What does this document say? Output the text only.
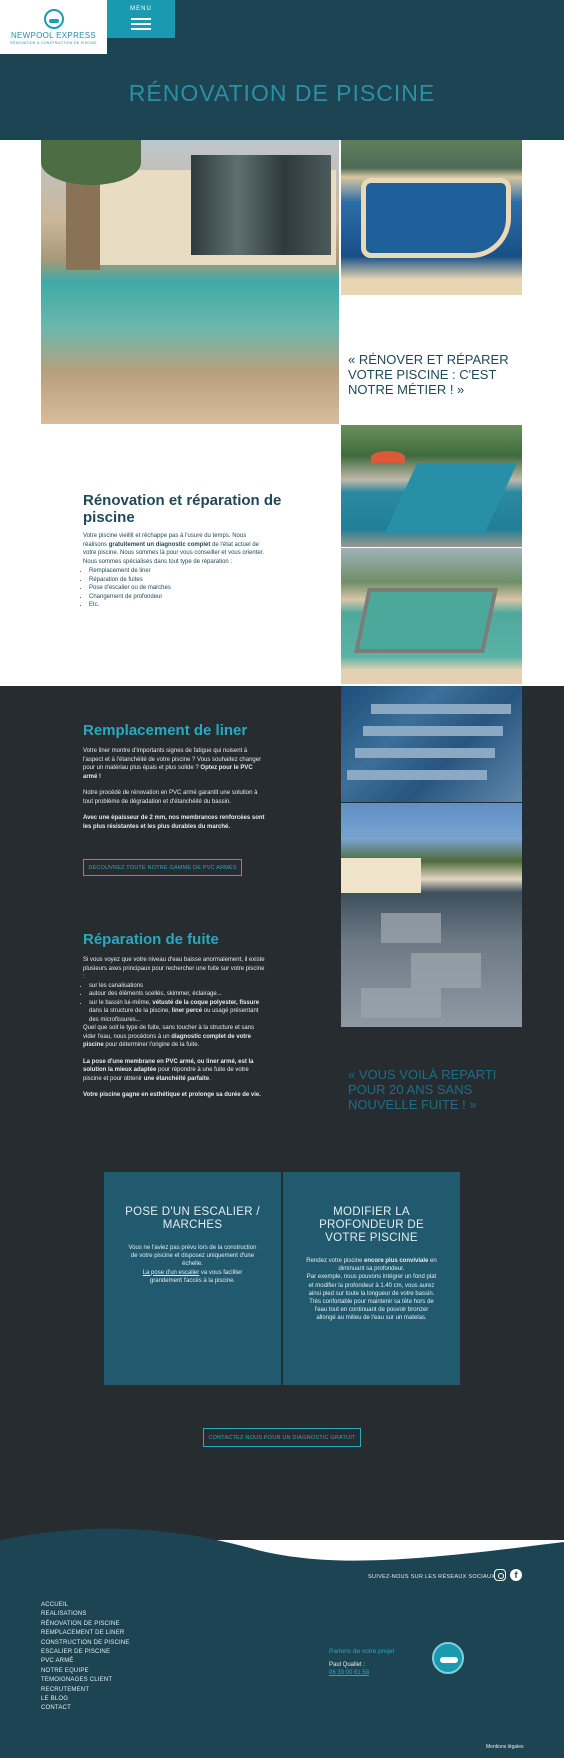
NEWPOOL EXPRESS
RÉNOVATION & CONSTRUCTION DE PISCINE
MENU
RÉNOVATION DE PISCINE
« RÉNOVER ET RÉPARER VOTRE PISCINE : C'EST NOTRE MÉTIER ! »
Rénovation et réparation de piscine

Votre piscine vieillit et rêchappe pas à l'usure du temps. Nous réalisons gratuitement un diagnostic complet de l'état actuel de votre piscine. Nous sommes là pour vous conseiller et vous orienter. Nous sommes spécialisés dans tout type de réparation :

• Remplacement de liner
• Réparation de fuites
• Pose d'escalier ou de marches
• Changement de profondeur
• Etc.
Remplacement de liner

Votre liner montre d'importants signes de fatigue qui nuisent à l'aspect et à l'étanchéité de votre piscine ? Vous souhaitez changer pour un matériau plus épais et plus solide ? Optez pour le PVC armé !

Notre procédé de rénovation en PVC armé garantit une solution à tout problème de dégradation et d'étanchéité du bassin.

Avec une épaisseur de 2 mm, nos membrances renforcées sont les plus résistantes et les plus durables du marché.

DÉCOUVREZ TOUTE NOTRE GAMME DE PVC ARMÉS
Réparation de fuite
Si vous voyez que votre niveau d'eau baisse anormalement, il existe plusieurs axes principaux pour rechercher une fuite sur votre piscine :
• sur les canalisations
• autour des éléments scellés, skimmer, éclairage...
• sur le bassin lui-même, vétusté de la coque polyester, fissure dans la structure de la piscine, liner percé ou usagé présentant des microfissures...

Quel que soit le type de fuite, sans toucher à la structure et sans vider l'eau, nous procédons à un diagnostic complet de votre piscine pour déterminer l'origine de la fuite.

La pose d'une membrane en PVC armé, ou liner armé, est la solution la mieux adaptée pour répondre à une fuite de votre piscine et pour obtenir une étanchéité parfaite.

Votre piscine gagne en esthétique et prolonge sa durée de vie.

« VOUS VOILÀ REPARTI POUR 20 ANS SANS NOUVELLE FUITE ! »
POSE D'UN ESCALIER / MARCHES

Vous ne l'aviez pas prévu lors de la construction de votre piscine et disposez uniquement d'une échelle.
La pose d'un escalier va vous faciliter grandement l'accès à la piscine.

MODIFIER LA PROFONDEUR DE VOTRE PISCINE

Rendez votre piscine encore plus conviviale en diminuant sa profondeur.
Par exemple, nous pouvons intégrer un fond plat et modifier la profondeur à 1.40 cm, vous aurez ainsi pied sur toute la longueur de votre bassin. Très confortable pour maintenir sa tête hors de l'eau tout en continuant de pouvoir bronzer allongé au milieu de l'eau sur un matelas.

CONTACTEZ-NOUS POUR UN DIAGNOSTIC GRATUIT
SUIVEZ-NOUS SUR LES RÉSEAUX SOCIAUX	f
ACCUEIL
REALISATIONS
RÉNOVATION DE PISCINE
REMPLACEMENT DE LINER
CONSTRUCTION DE PISCINE
ESCALIER DE PISCINE
PVC ARMÉ
NOTRE EQUIPE
TEMOIGNAGES CLIENT
RECRUTEMENT
LE BLOG
CONTACT
Parlons de votre projet
Paul Quallet :
06 33 00 61 58
Mentions légales
